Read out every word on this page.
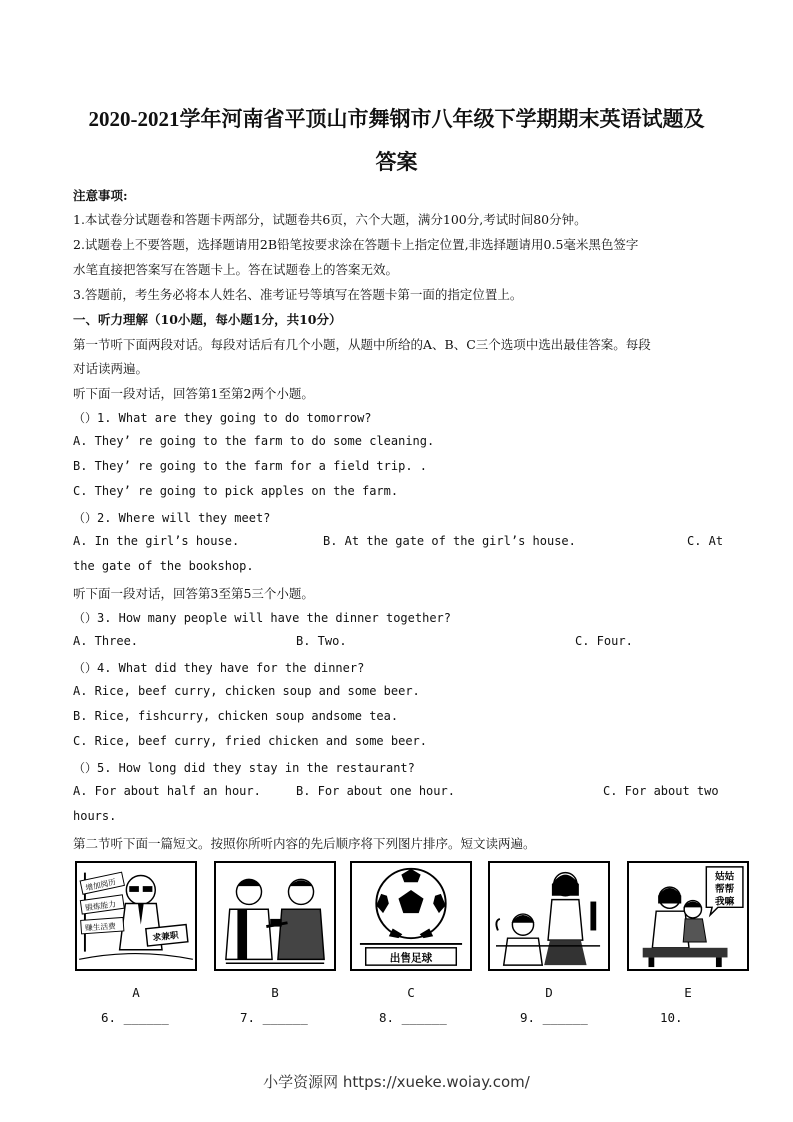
2020-2021学年河南省平顶山市舞钢市八年级下学期期末英语试题及
答案
注意事项:
1.本试卷分试题卷和答题卡两部分，试题卷共6页，六个大题，满分100分,考试时间80分钟。
2.试题卷上不要答题，选择题请用2B铅笔按要求涂在答题卡上指定位置,非选择题请用0.5毫米黑色签字
水笔直接把答案写在答题卡上。答在试题卷上的答案无效。
3.答题前，考生务必将本人姓名、准考证号等填写在答题卡第一面的指定位置上。
一、听力理解（10小题，每小题1分，共10分）
第一节听下面两段对话。每段对话后有几个小题，从题中所给的A、B、C三个选项中选出最佳答案。每段
对话读两遍。
听下面一段对话，回答第1至第2两个小题。
（）1. What are they going to do tomorrow?
A. They’ re going to the farm to do some cleaning.
B. They’ re going to the farm for a field trip. .
C. They’ re going to pick apples on the farm.
（）2. Where will they meet?
A. In the girl’s house.	B. At the gate of the girl’s house.	C. At
the gate of the bookshop.
听下面一段对话，回答第3至第5三个小题。
（）3. How many people will have the dinner together?
A. Three.	B. Two.	C. Four.
（）4. What did they have for the dinner?
A. Rice, beef curry, chicken soup and some beer.
B. Rice, fishcurry, chicken soup andsome tea.
C. Rice, beef curry, fried chicken and some beer.
（）5. How long did they stay in the restaurant?
A. For about half an hour.	B. For about one hour.	C. For about two
hours.
第二节听下面一篇短文。按照你所听内容的先后顺序将下列图片排序。短文读两遍。
增加阅历
锻炼能力
赚生活费
求兼职
A	B
出售足球
C	D
姑姑
帮帮
我嘛
E
6. ______	7. ______	8. ______	9. ______	10.
小学资源网 https://xueke.woiay.com/
